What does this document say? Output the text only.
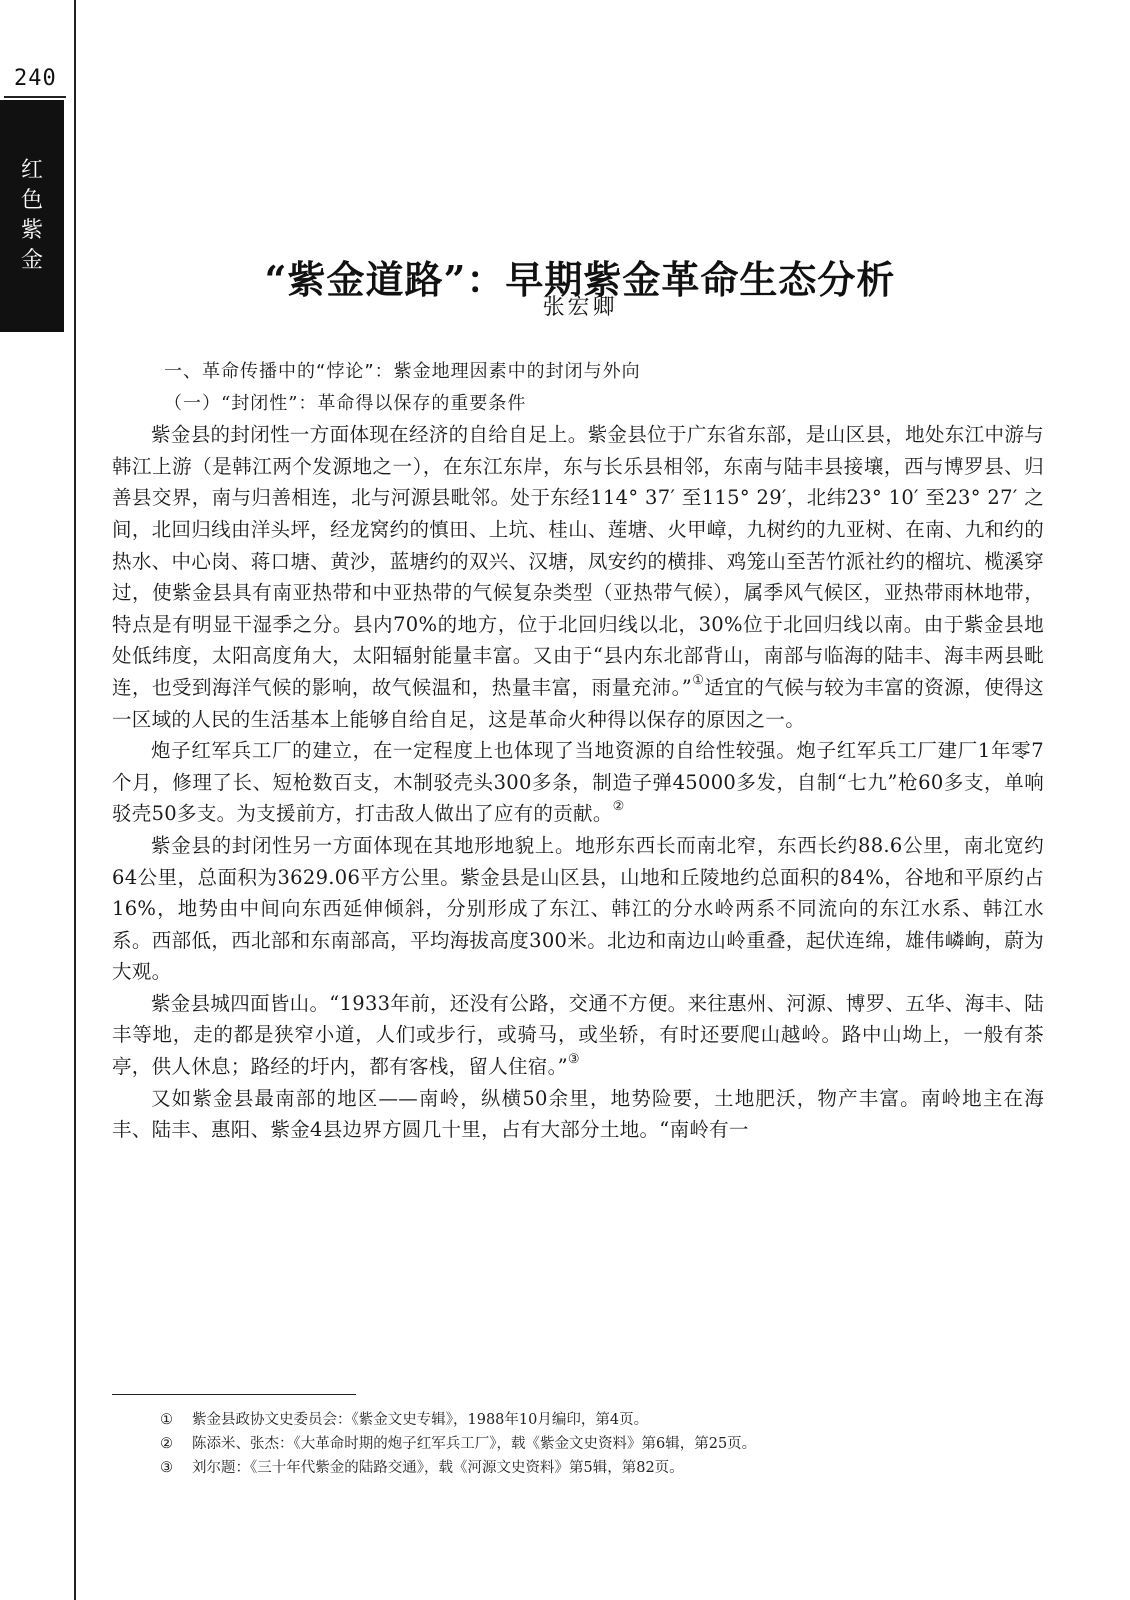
240
红
色
紫
金	“紫金道路”：早期紫金革命生态分析
张宏卿

一、革命传播中的“悖论”：紫金地理因素中的封闭与外向

（一）“封闭性”：革命得以保存的重要条件

紫金县的封闭性一方面体现在经济的自给自足上。紫金县位于广东省东部，是山区县，地处东江中游与韩江上游（是韩江两个发源地之一），在东江东岸，东与长乐县相邻，东南与陆丰县接壤，西与博罗县、归善县交界，南与归善相连，北与河源县毗邻。处于东经114° 37′ 至115° 29′，北纬23° 10′ 至23° 27′ 之间，北回归线由洋头坪，经龙窝约的慎田、上坑、桂山、莲塘、火甲嶂，九树约的九亚树、在南、九和约的热水、中心岗、蒋口塘、黄沙，蓝塘约的双兴、汉塘，凤安约的横排、鸡笼山至苦竹派社约的榴坑、榄溪穿过，使紫金县具有南亚热带和中亚热带的气候复杂类型（亚热带气候），属季风气候区，亚热带雨林地带，特点是有明显干湿季之分。县内70%的地方，位于北回归线以北，30%位于北回归线以南。由于紫金县地处低纬度，太阳高度角大，太阳辐射能量丰富。又由于“县内东北部背山，南部与临海的陆丰、海丰两县毗连，也受到海洋气候的影响，故气候温和，热量丰富，雨量充沛。”①适宜的气候与较为丰富的资源，使得这一区域的人民的生活基本上能够自给自足，这是革命火种得以保存的原因之一。

炮子红军兵工厂的建立，在一定程度上也体现了当地资源的自给性较强。炮子红军兵工厂建厂1年零7个月，修理了长、短枪数百支，木制驳壳头300多条，制造子弹45000多发，自制“七九”枪60多支，单响驳壳50多支。为支援前方，打击敌人做出了应有的贡献。②

紫金县的封闭性另一方面体现在其地形地貌上。地形东西长而南北窄，东西长约88.6公里，南北宽约64公里，总面积为3629.06平方公里。紫金县是山区县，山地和丘陵地约总面积的84%，谷地和平原约占16%，地势由中间向东西延伸倾斜，分别形成了东江、韩江的分水岭两系不同流向的东江水系、韩江水系。西部低，西北部和东南部高，平均海拔高度300米。北边和南边山岭重叠，起伏连绵，雄伟嶙峋，蔚为大观。

紫金县城四面皆山。“1933年前，还没有公路，交通不方便。来往惠州、河源、博罗、五华、海丰、陆丰等地，走的都是狭窄小道，人们或步行，或骑马，或坐轿，有时还要爬山越岭。路中山坳上，一般有茶亭，供人休息；路经的圩内，都有客栈，留人住宿。”③

又如紫金县最南部的地区——南岭，纵横50余里，地势险要，土地肥沃，物产丰富。南岭地主在海丰、陆丰、惠阳、紫金4县边界方圆几十里，占有大部分土地。“南岭有一

①	紫金县政协文史委员会：《紫金文史专辑》，1988年10月编印，第4页。
②	陈添米、张杰：《大革命时期的炮子红军兵工厂》，载《紫金文史资料》第6辑，第25页。
③	刘尔题：《三十年代紫金的陆路交通》，载《河源文史资料》第5辑，第82页。
